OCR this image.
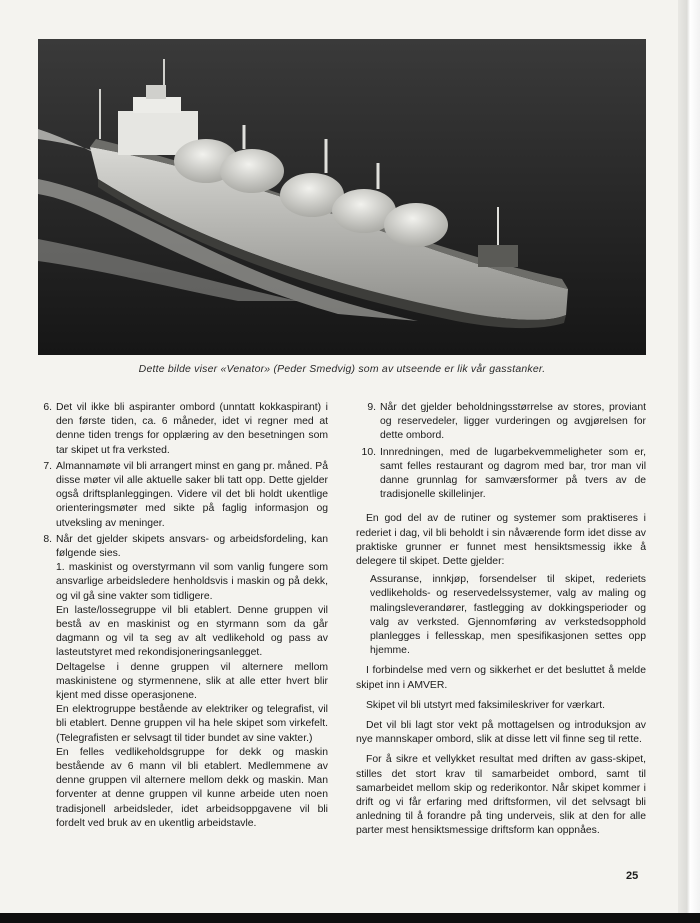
Dette bilde viser «Venator» (Peder Smedvig) som av utseende er lik vår gasstanker.
6. Det vil ikke bli aspiranter ombord (unntatt kokkaspirant) i den første tiden, ca. 6 måneder, idet vi regner med at denne tiden trengs for opplæring av den besetningen som tar skipet ut fra verksted.

7. Almannamøte vil bli arrangert minst en gang pr. måned. På disse møter vil alle aktuelle saker bli tatt opp. Dette gjelder også driftsplanleggingen. Videre vil det bli holdt ukentlige orienteringsmøter med sikte på faglig informasjon og utveksling av meninger.

8. Når det gjelder skipets ansvars- og arbeidsfordeling, kan følgende sies.

1. maskinist og overstyrmann vil som vanlig fungere som ansvarlige arbeidsledere henholdsvis i maskin og på dekk, og vil gå sine vakter som tidligere.

En laste/lossegruppe vil bli etablert. Denne gruppen vil bestå av en maskinist og en styrmann som da går dagmann og vil ta seg av alt vedlikehold og pass av lasteutstyret med rekondisjoneringsanlegget.

Deltagelse i denne gruppen vil alternere mellom maskinistene og styrmennene, slik at alle etter hvert blir kjent med disse operasjonene.

En elektrogruppe bestående av elektriker og telegrafist, vil bli etablert. Denne gruppen vil ha hele skipet som virkefelt. (Telegrafisten er selvsagt til tider bundet av sine vakter.)

En felles vedlikeholdsgruppe for dekk og maskin bestående av 6 mann vil bli etablert. Medlemmene av denne gruppen vil alternere mellom dekk og maskin. Man forventer at denne gruppen vil kunne arbeide uten noen tradisjonell arbeidsleder, idet arbeidsoppgavene vil bli fordelt ved bruk av en ukentlig arbeidstavle.

9. Når det gjelder beholdningsstørrelse av stores, proviant og reservedeler, ligger vurderingen og avgjørelsen for dette ombord.
10. Innredningen, med de lugarbekvemmeligheter som er, samt felles restaurant og dagrom med bar, tror man vil danne grunnlag for samværsformer på tvers av de tradisjonelle skillelinjer.

En god del av de rutiner og systemer som praktiseres i rederiet i dag, vil bli beholdt i sin nåværende form idet disse av praktiske grunner er funnet mest hensiktsmessig ikke å delegere til skipet. Dette gjelder:

Assuranse, innkjøp, forsendelser til skipet, rederiets vedlikeholds- og reservedelssystemer, valg av maling og malingsleverandører, fastlegging av dokkingsperioder og valg av verksted. Gjennomføring av verkstedsopphold planlegges i fellesskap, men spesifikasjonen settes opp hjemme.

I forbindelse med vern og sikkerhet er det besluttet å melde skipet inn i AMVER.

Skipet vil bli utstyrt med faksimileskriver for værkart.

Det vil bli lagt stor vekt på mottagelsen og introduksjon av nye mannskaper ombord, slik at disse lett vil finne seg til rette.

For å sikre et vellykket resultat med driften av gass-skipet, stilles det stort krav til samarbeidet ombord, samt til samarbeidet mellom skip og rederikontor. Når skipet kommer i drift og vi får erfaring med driftsformen, vil det selvsagt bli anledning til å forandre på ting underveis, slik at den for alle parter mest hensiktsmessige driftsform kan oppnåes.

25
